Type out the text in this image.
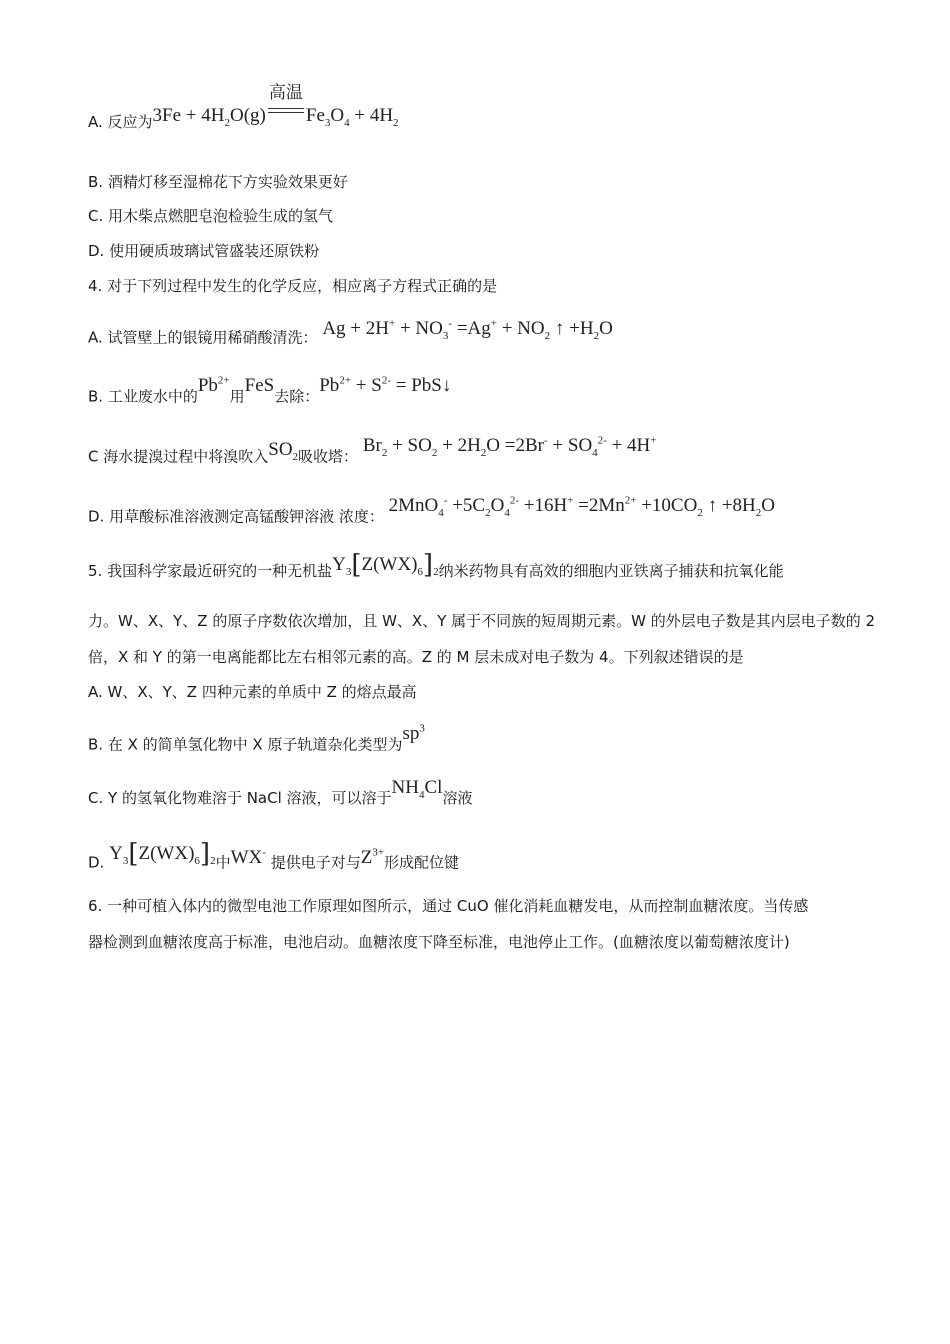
A. 反应为$3Fe + 4H_2O(g)$
高温
$Fe_3O_4 + 4H_2$
B. 酒精灯移至湿棉花下方实验效果更好
C. 用木柴点燃肥皂泡检验生成的氢气
D. 使用硬质玻璃试管盛装还原铁粉
4. 对于下列过程中发生的化学反应，相应离子方程式正确的是
A. 试管壁上的银镜用稀硝酸清洗： $Ag + 2H^+ + NO_3^- =Ag^+ + NO_2$ ↑ $+H_2O$
B. 工业废水中的$Pb^{2+}$用FeS去除：$Pb^{2+} + S^{2-}$ = PbS↓
C 海水提溴过程中将溴吹入$SO_2$吸收塔： $Br_2 + SO_2 + 2H_2O =2Br^- + SO_4^{2-} + 4H^+$
D. 用草酸标准溶液测定高锰酸钾溶液 浓度： $2MnO_4^- +5C_2O_4^{2-} +16H^+ =2Mn^{2+} +10CO_2$ ↑ $+8H_2O$
5. 我国科学家最近研究的一种无机盐$Y_3[Z(WX)_6]_2$纳米药物具有高效的细胞内亚铁离子捕获和抗氧化能
力。W、X、Y、Z 的原子序数依次增加，且 W、X、Y 属于不同族的短周期元素。W 的外层电子数是其内层电子数的 2
倍，X 和 Y 的第一电离能都比左右相邻元素的高。Z 的 M 层未成对电子数为 4。下列叙述错误的是
A. W、X、Y、Z 四种元素的单质中 Z 的熔点最高
B. 在 X 的简单氢化物中 X 原子轨道杂化类型为$sp^3$
C. Y 的氢氧化物难溶于 NaCl 溶液，可以溶于$NH_4Cl$溶液
D. $Y_3[Z(WX)_6]_2$中WX- 提供电子对与$Z^{3+}$形成配位键
6. 一种可植入体内的微型电池工作原理如图所示，通过 CuO 催化消耗血糖发电，从而控制血糖浓度。当传感
器检测到血糖浓度高于标准，电池启动。血糖浓度下降至标准，电池停止工作。(血糖浓度以葡萄糖浓度计)
